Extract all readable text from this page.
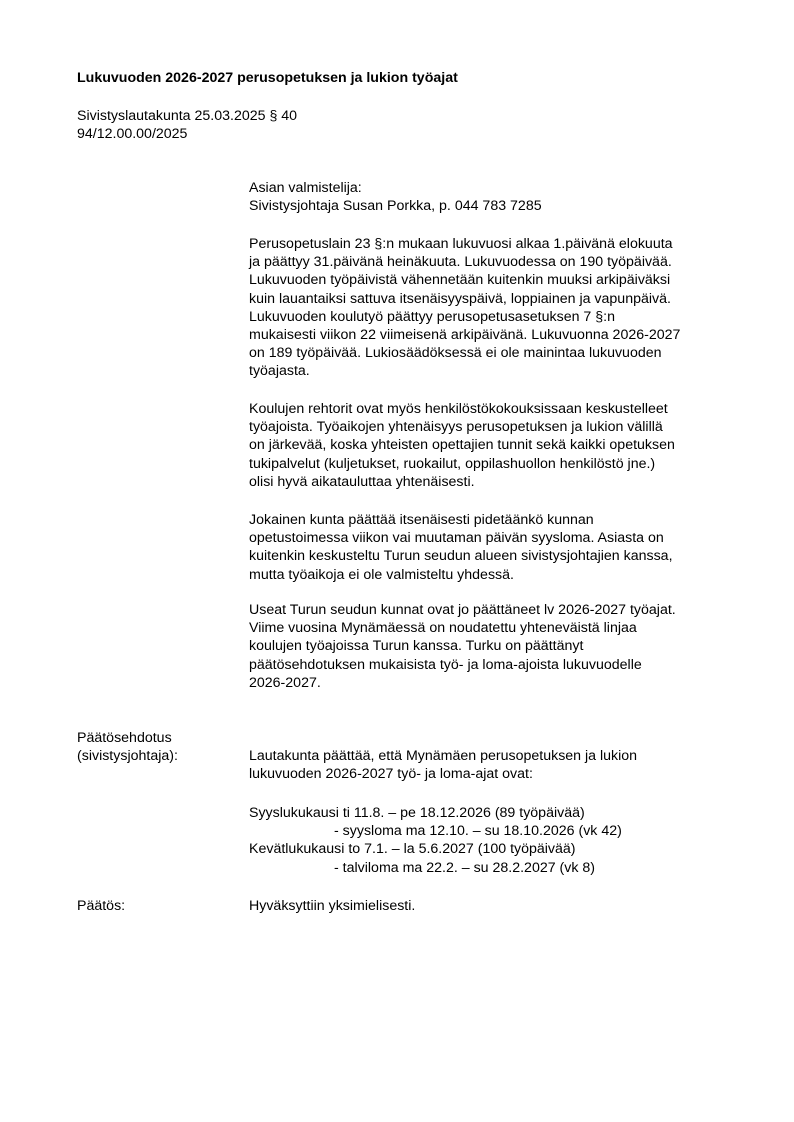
Lukuvuoden 2026-2027 perusopetuksen ja lukion työajat
Sivistyslautakunta 25.03.2025 § 40
94/12.00.00/2025
Asian valmistelija:
Sivistysjohtaja Susan Porkka, p. 044 783 7285
Perusopetuslain 23 §:n mukaan lukuvuosi alkaa 1.päivänä elokuuta
ja päättyy 31.päivänä heinäkuuta. Lukuvuodessa on 190 työpäivää.
Lukuvuoden työpäivistä vähennetään kuitenkin muuksi arkipäiväksi
kuin lauantaiksi sattuva itsenäisyyspäivä, loppiainen ja vapunpäivä.
Lukuvuoden koulutyö päättyy perusopetusasetuksen 7 §:n
mukaisesti viikon 22 viimeisenä arkipäivänä. Lukuvuonna 2026-2027
on 189 työpäivää. Lukiosäädöksessä ei ole mainintaa lukuvuoden
työajasta.
Koulujen rehtorit ovat myös henkilöstökokouksissaan keskustelleet
työajoista. Työaikojen yhtenäisyys perusopetuksen ja lukion välillä
on järkevää, koska yhteisten opettajien tunnit sekä kaikki opetuksen
tukipalvelut (kuljetukset, ruokailut, oppilashuollon henkilöstö jne.)
olisi hyvä aikatauluttaa yhtenäisesti.
Jokainen kunta päättää itsenäisesti pidetäänkö kunnan
opetustoimessa viikon vai muutaman päivän syysloma. Asiasta on
kuitenkin keskusteltu Turun seudun alueen sivistysjohtajien kanssa,
mutta työaikoja ei ole valmisteltu yhdessä.
Useat Turun seudun kunnat ovat jo päättäneet lv 2026-2027 työajat.
Viime vuosina Mynämäessä on noudatettu yhteneväistä linjaa
koulujen työajoissa Turun kanssa. Turku on päättänyt
päätösehdotuksen mukaisista työ- ja loma-ajoista lukuvuodelle
2026-2027.
Päätösehdotus
(sivistysjohtaja):	Lautakunta päättää, että Mynämäen perusopetuksen ja lukion
lukuvuoden 2026-2027 työ- ja loma-ajat ovat:
Syyslukukausi ti 11.8. – pe 18.12.2026 (89 työpäivää)
- syysloma ma 12.10. – su 18.10.2026 (vk 42)
Kevätlukukausi to 7.1. – la 5.6.2027 (100 työpäivää)
- talviloma ma 22.2. – su 28.2.2027 (vk 8)
Päätös:	Hyväksyttiin yksimielisesti.
